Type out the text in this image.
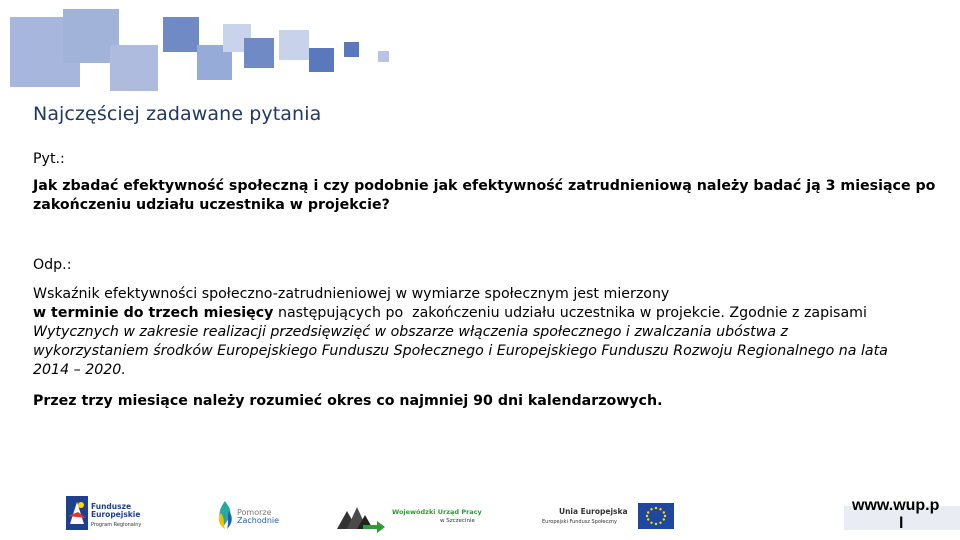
Najczęściej zadawane pytania
Pyt.:
Jak zbadać efektywność społeczną i czy podobnie jak efektywność zatrudnieniową należy badać ją 3 miesiące po
zakończeniu udziału uczestnika w projekcie?
Odp.:
Wskaźnik efektywności społeczno-zatrudnieniowej w wymiarze społecznym jest mierzony
w terminie do trzech miesięcy następujących po  zakończeniu udziału uczestnika w projekcie. Zgodnie z zapisami
Wytycznych w zakresie realizacji przedsięwzięć w obszarze włączenia społecznego i zwalczania ubóstwa z
wykorzystaniem środków Europejskiego Funduszu Społecznego i Europejskiego Funduszu Rozwoju Regionalnego na lata
2014 – 2020.
Przez trzy miesiące należy rozumieć okres co najmniej 90 dni kalendarzowych.
Fundusze
Europejskie
Program Regionalny
Pomorze
Zachodnie
Wojewódzki Urząd Pracy
w Szczecinie
Unia Europejska
Europejski Fundusz Społeczny
www.wup.p
l
